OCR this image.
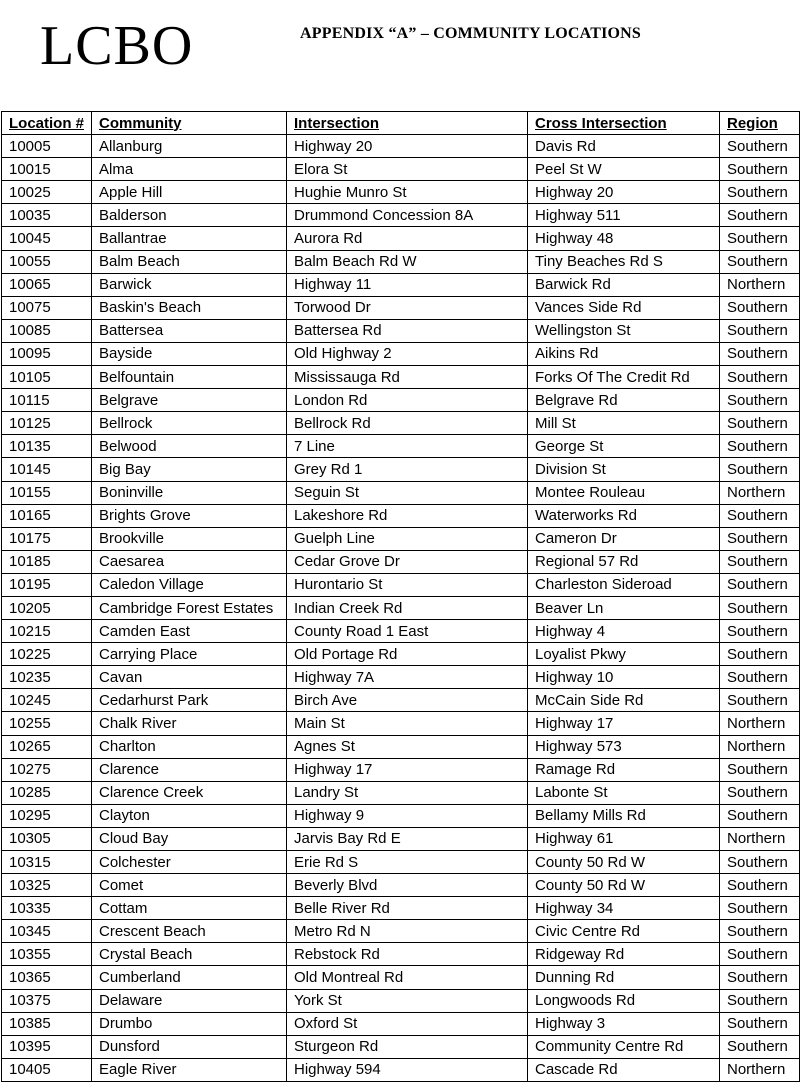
LCBO	APPENDIX “A” – COMMUNITY LOCATIONS
Location #	Community	Intersection	Cross Intersection	Region
10005	Allanburg	Highway 20	Davis Rd	Southern
10015	Alma	Elora St	Peel St W	Southern
10025	Apple Hill	Hughie Munro St	Highway 20	Southern
10035	Balderson	Drummond Concession 8A	Highway 511	Southern
10045	Ballantrae	Aurora Rd	Highway 48	Southern
10055	Balm Beach	Balm Beach Rd W	Tiny Beaches Rd S	Southern
10065	Barwick	Highway 11	Barwick Rd	Northern
10075	Baskin's Beach	Torwood Dr	Vances Side Rd	Southern
10085	Battersea	Battersea Rd	Wellingston St	Southern
10095	Bayside	Old Highway 2	Aikins Rd	Southern
10105	Belfountain	Mississauga Rd	Forks Of The Credit Rd	Southern
10115	Belgrave	London Rd	Belgrave Rd	Southern
10125	Bellrock	Bellrock Rd	Mill St	Southern
10135	Belwood	7 Line	George St	Southern
10145	Big Bay	Grey Rd 1	Division St	Southern
10155	Boninville	Seguin St	Montee Rouleau	Northern
10165	Brights Grove	Lakeshore Rd	Waterworks Rd	Southern
10175	Brookville	Guelph Line	Cameron Dr	Southern
10185	Caesarea	Cedar Grove Dr	Regional 57 Rd	Southern
10195	Caledon Village	Hurontario St	Charleston Sideroad	Southern
10205	Cambridge Forest Estates	Indian Creek Rd	Beaver Ln	Southern
10215	Camden East	County Road 1 East	Highway 4	Southern
10225	Carrying Place	Old Portage Rd	Loyalist Pkwy	Southern
10235	Cavan	Highway 7A	Highway 10	Southern
10245	Cedarhurst Park	Birch Ave	McCain Side Rd	Southern
10255	Chalk River	Main St	Highway 17	Northern
10265	Charlton	Agnes St	Highway 573	Northern
10275	Clarence	Highway 17	Ramage Rd	Southern
10285	Clarence Creek	Landry St	Labonte St	Southern
10295	Clayton	Highway 9	Bellamy Mills Rd	Southern
10305	Cloud Bay	Jarvis Bay Rd E	Highway 61	Northern
10315	Colchester	Erie Rd S	County 50 Rd W	Southern
10325	Comet	Beverly Blvd	County 50 Rd W	Southern
10335	Cottam	Belle River Rd	Highway 34	Southern
10345	Crescent Beach	Metro Rd N	Civic Centre Rd	Southern
10355	Crystal Beach	Rebstock Rd	Ridgeway Rd	Southern
10365	Cumberland	Old Montreal Rd	Dunning Rd	Southern
10375	Delaware	York St	Longwoods Rd	Southern
10385	Drumbo	Oxford St	Highway 3	Southern
10395	Dunsford	Sturgeon Rd	Community Centre Rd	Southern
10405	Eagle River	Highway 594	Cascade Rd	Northern
